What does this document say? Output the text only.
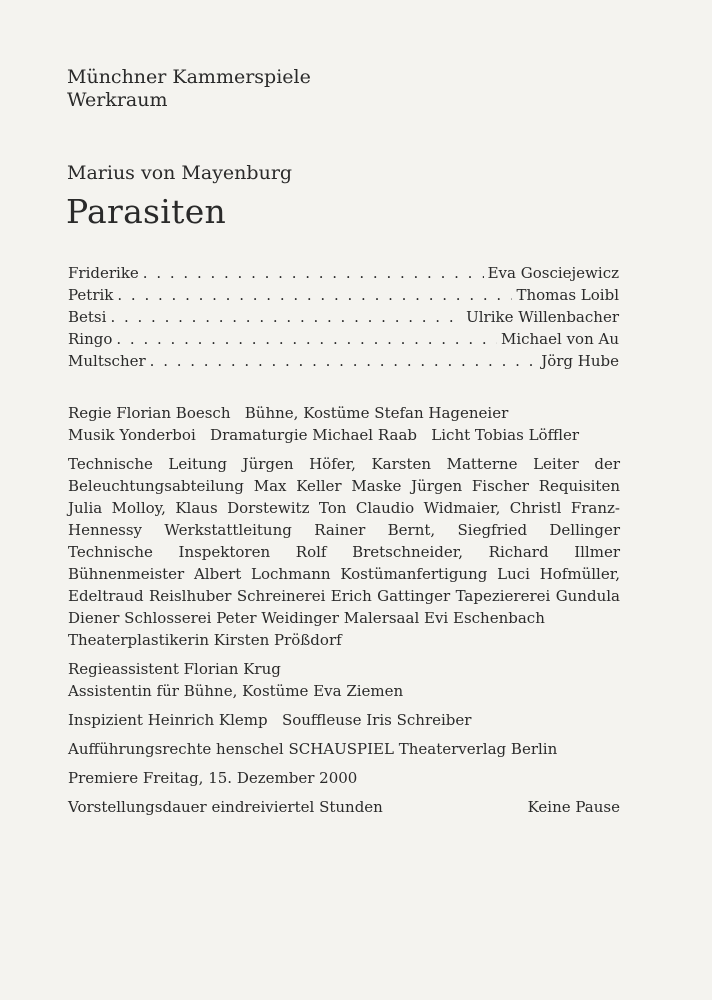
Münchner Kammerspiele
Werkraum
Marius von Mayenburg
Parasiten
Friderike . . .	Eva Gosciejewicz
Petrik . . .	Thomas Loibl
Betsi . . .	Ulrike Willenbacher
Ringo . . .	Michael von Au
Multscher . . .	Jörg Hube

Regie Florian Boesch   Bühne, Kostüme Stefan Hageneier

Musik Yonderboi   Dramaturgie Michael Raab   Licht Tobias Löffler

Technische Leitung Jürgen Höfer, Karsten Matterne Leiter der Beleuchtungsabteilung Max Keller Maske Jürgen Fischer Requisiten Julia Molloy, Klaus Dorstewitz Ton Claudio Widmaier, Christl Franz-Hennessy Werkstattleitung Rainer Bernt, Siegfried Dellinger Technische Inspektoren Rolf Bretschneider, Richard Illmer Bühnenmeister Albert Lochmann Kostümanfertigung Luci Hofmüller, Edeltraud Reislhuber Schreinerei Erich Gattinger Tapeziererei Gundula Diener Schlosserei Peter Weidinger Malersaal Evi Eschenbach

Theaterplastikerin Kirsten Prößdorf

Regieassistent Florian Krug

Assistentin für Bühne, Kostüme Eva Ziemen

Inspizient Heinrich Klemp   Souffleuse Iris Schreiber

Aufführungsrechte henschel SCHAUSPIEL Theaterverlag Berlin

Premiere Freitag, 15. Dezember 2000

Vorstellungsdauer eindreiviertel Stunden	Keine Pause
